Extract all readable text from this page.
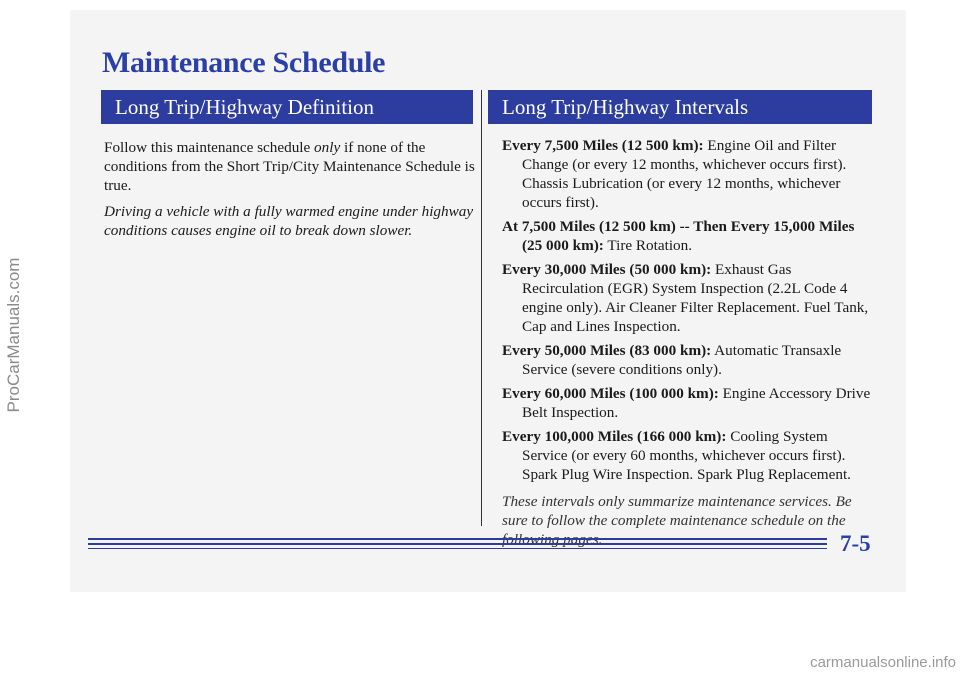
Maintenance Schedule
Long Trip/Highway Definition	Long Trip/Highway Intervals

Follow this maintenance schedule only if none of the conditions from the Short Trip/City Maintenance Schedule is true.

Driving a vehicle with a fully warmed engine under highway conditions causes engine oil to break down slower.

Every 7,500 Miles (12 500 km): Engine Oil and Filter Change (or every 12 months, whichever occurs first). Chassis Lubrication (or every 12 months, whichever occurs first).
At 7,500 Miles (12 500 km) -- Then Every 15,000 Miles (25 000 km): Tire Rotation.
Every 30,000 Miles (50 000 km): Exhaust Gas Recirculation (EGR) System Inspection (2.2L Code 4 engine only). Air Cleaner Filter Replacement. Fuel Tank, Cap and Lines Inspection.
Every 50,000 Miles (83 000 km): Automatic Transaxle Service (severe conditions only).
Every 60,000 Miles (100 000 km): Engine Accessory Drive Belt Inspection.
Every 100,000 Miles (166 000 km): Cooling System Service (or every 60 months, whichever occurs first). Spark Plug Wire Inspection. Spark Plug Replacement.

These intervals only summarize maintenance services. Be sure to follow the complete maintenance schedule on the

7-5
ProCarManuals.com
carmanualsonline.info
